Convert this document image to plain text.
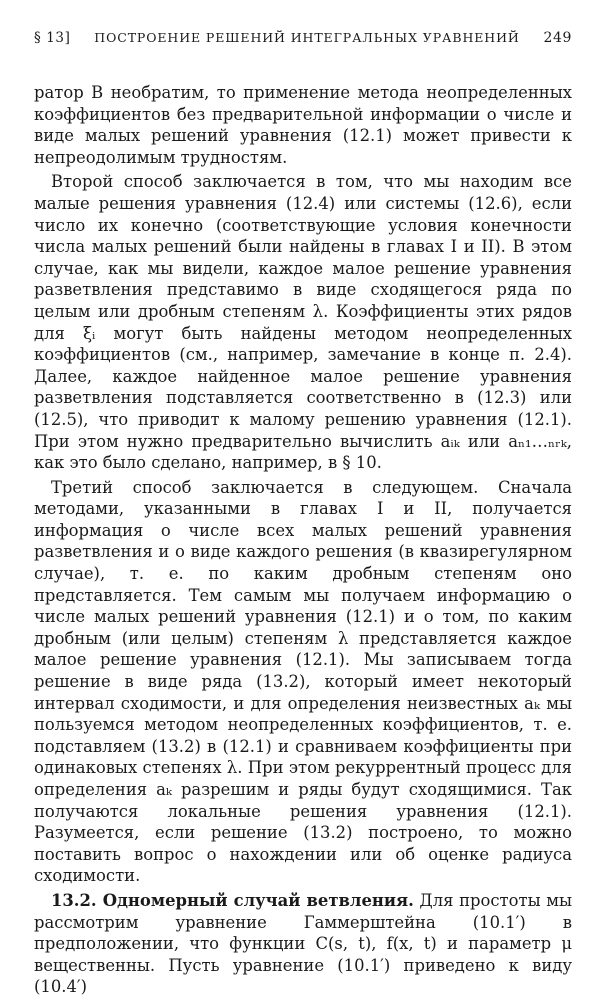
§ 13] ПОСТРОЕНИЕ РЕШЕНИЙ ИНТЕГРАЛЬНЫХ УРАВНЕНИЙ 249

ратор B необратим, то применение метода неопределенных коэффициентов без предварительной информации о числе и виде малых решений уравнения (12.1) может привести к непреодолимым трудностям.

Второй способ заключается в том, что мы находим все малые решения уравнения (12.4) или системы (12.6), если число их конечно (соответствующие условия конечности числа малых решений были найдены в главах I и II). В этом случае, как мы видели, каждое малое решение уравнения разветвления представимо в виде сходящегося ряда по целым или дробным степеням λ. Коэффициенты этих рядов для ξᵢ могут быть найдены методом неопределенных коэффициентов (см., например, замечание в конце п. 2.4). Далее, каждое найденное малое решение уравнения разветвления подставляется соответственно в (12.3) или (12.5), что приводит к малому решению уравнения (12.1). При этом нужно предварительно вычислить aᵢₖ или aₙ₁…ₙᵣₖ, как это было сделано, например, в § 10.

Третий способ заключается в следующем. Сначала методами, указанными в главах I и II, получается информация о числе всех малых решений уравнения разветвления и о виде каждого решения (в квазирегулярном случае), т. е. по каким дробным степеням оно представляется. Тем самым мы получаем информацию о числе малых решений уравнения (12.1) и о том, по каким дробным (или целым) степеням λ представляется каждое малое решение уравнения (12.1). Мы записываем тогда решение в виде ряда (13.2), который имеет некоторый интервал сходимости, и для определения неизвестных aₖ мы пользуемся методом неопределенных коэффициентов, т. е. подставляем (13.2) в (12.1) и сравниваем коэффициенты при одинаковых степенях λ. При этом рекуррентный процесс для определения aₖ разрешим и ряды будут сходящимися. Так получаются локальные решения уравнения (12.1). Разумеется, если решение (13.2) построено, то можно поставить вопрос о нахождении или об оценке радиуса сходимости.

13.2. Одномерный случай ветвления. Для простоты мы рассмотрим уравнение Гаммерштейна (10.1′) в предположении, что функции C(s, t), f(x, t) и параметр μ вещественны. Пусть уравнение (10.1′) приведено к виду (10.4′)
